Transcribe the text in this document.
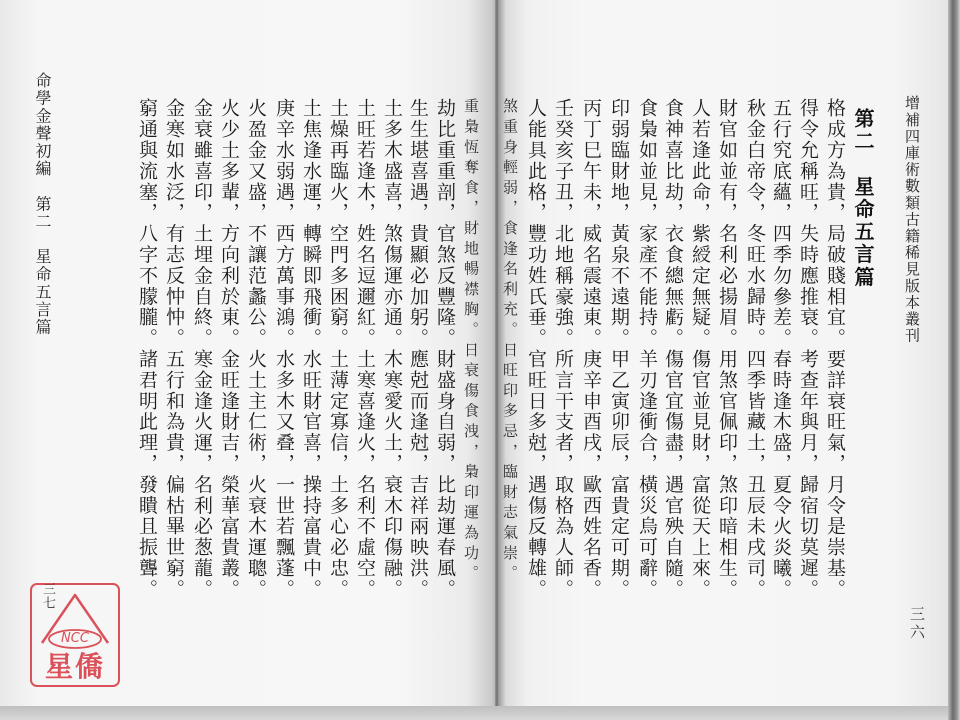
命學金聲初編　第二　星命五言篇	重梟恆奪食，財地暢襟胸。日衰傷食洩，梟印運為功。
劫比重重剖，官煞反豐隆。財盛身自弱，比劫運春風。
生生堪喜遇，貴顯必加躬。應尅而逢尅，吉祥兩映洪。
土多木盛喜，煞傷運亦通。木寒愛火土，衰木印傷融。
土旺若逢木，姓名逗邇紅。土寒喜逢火，名利不虛空。
土燥再臨火，空門多困窮。土薄定寡信，土多心必忠。
土焦逢水運，轉瞬即飛衝。水旺財官喜，操持富貴中。
庚辛水弱遇，西方萬事鴻。水多木又叠，一世若飄蓬。
火盈金又盛，不讓范蠡公。火土主仁術，火衰木運聰。
火少土多輩，方向利於東。金旺逢財吉，榮華富貴叢。
金衰雖喜印，土埋金自終。寒金逢火運，名利必葱蘢。
金寒如水泛，有志反忡忡。五行和為貴，偏枯畢世窮。
窮通與流塞，八字不朦朧。諸君明此理，發瞶且振聾。
三七
NCC
星僑
增補四庫術數類古籍稀見版本叢刊
第二　星命五言篇
格成方為貴，局破賤相宜。要詳衰旺氣，月令是崇基。
得令允稱旺，失時應推衰。考查年與月，歸宿切莫遲。
五行究底蘊，四季勿參差。春時逢木盛，夏令火炎曦。
秋金白帝令，冬旺水歸時。四季皆藏土，丑辰未戌司。
財官如並有，名利必揚眉。用煞官佩印，煞印暗相生。
人若逢此命，紫綬定無疑。傷官並見財，富從天上來。
食神喜比劫，衣食總無虧。傷官宜傷盡，遇官殃自隨。
食梟如並見，家產不能持。羊刃逢衝合，橫災烏可辭。
印弱臨財地，黃泉不遠期。甲乙寅卯辰，富貴定可期。
丙丁巳午未，威名震遠東。庚辛申酉戌，歐西姓名香。
壬癸亥子丑，北地稱豪強。所言干支者，取格為人師。
人能具此格，豐功姓氏垂。官旺日多尅，遇傷反轉雄。
煞重身輕弱，食逢名利充。日旺印多忌，臨財志氣崇。
三六
